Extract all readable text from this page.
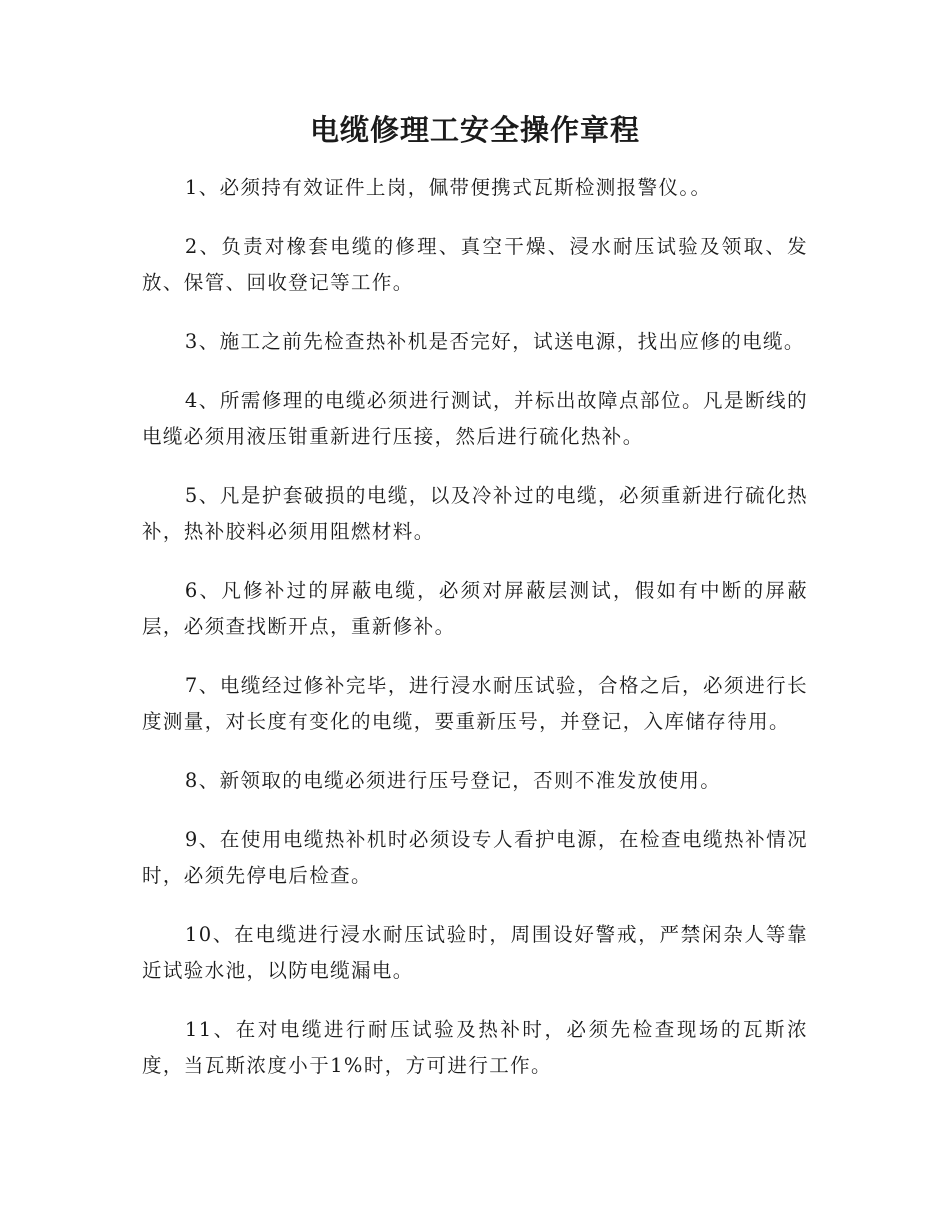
电缆修理工安全操作章程

1、必须持有效证件上岗，佩带便携式瓦斯检测报警仪。。

2、负责对橡套电缆的修理、真空干燥、浸水耐压试验及领取、发放、保管、回收登记等工作。

3、施工之前先检查热补机是否完好，试送电源，找出应修的电缆。

4、所需修理的电缆必须进行测试，并标出故障点部位。凡是断线的电缆必须用液压钳重新进行压接，然后进行硫化热补。

5、凡是护套破损的电缆，以及冷补过的电缆，必须重新进行硫化热补，热补胶料必须用阻燃材料。

6、凡修补过的屏蔽电缆，必须对屏蔽层测试，假如有中断的屏蔽层，必须查找断开点，重新修补。

7、电缆经过修补完毕，进行浸水耐压试验，合格之后，必须进行长度测量，对长度有变化的电缆，要重新压号，并登记，入库储存待用。

8、新领取的电缆必须进行压号登记，否则不准发放使用。

9、在使用电缆热补机时必须设专人看护电源，在检查电缆热补情况时，必须先停电后检查。

10、在电缆进行浸水耐压试验时，周围设好警戒，严禁闲杂人等靠近试验水池，以防电缆漏电。

11、在对电缆进行耐压试验及热补时，必须先检查现场的瓦斯浓度，当瓦斯浓度小于1%时，方可进行工作。
